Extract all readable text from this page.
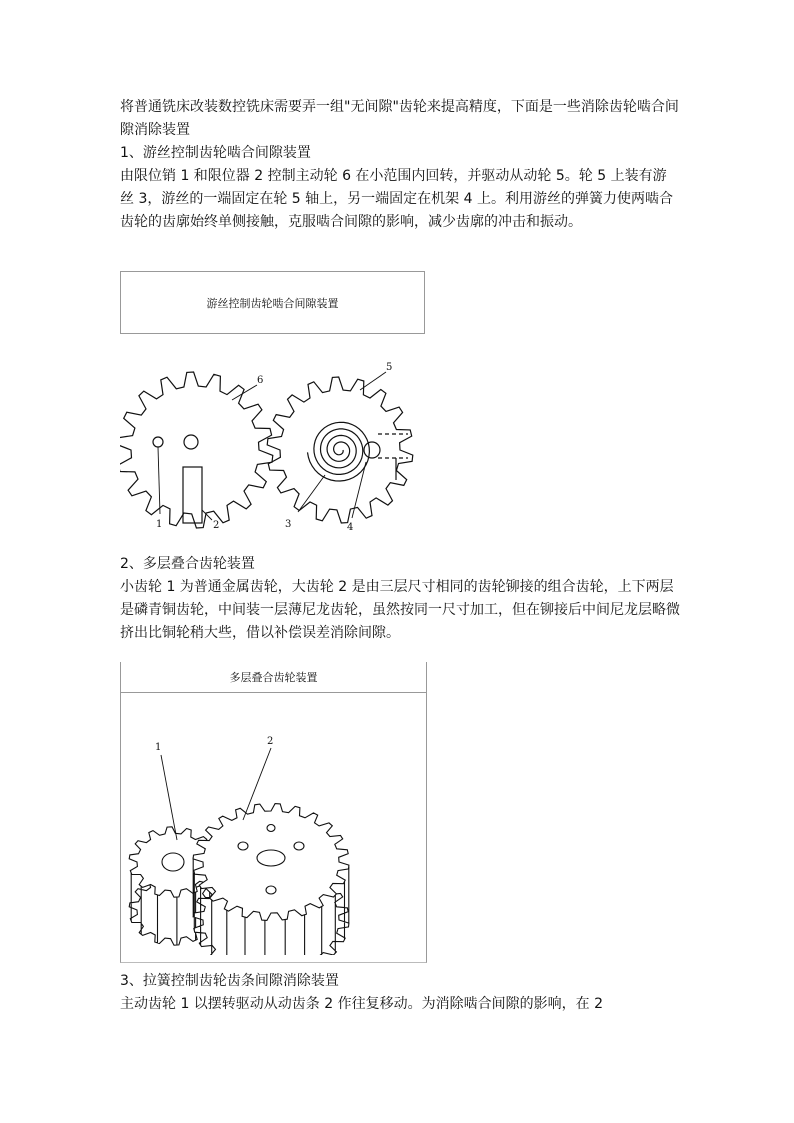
将普通铣床改装数控铣床需要弄一组"无间隙"齿轮来提高精度，下面是一些消除齿轮啮合间隙消除装置

1、游丝控制齿轮啮合间隙装置

由限位销 1 和限位器 2 控制主动轮 6 在小范围内回转，并驱动从动轮 5。轮 5 上装有游丝 3，游丝的一端固定在轮 5 轴上，另一端固定在机架 4 上。利用游丝的弹簧力使两啮合齿轮的齿廓始终单侧接触，克服啮合间隙的影响，减少齿廓的冲击和振动。

游丝控制齿轮啮合间隙装置
6
5
1	2	3	4

2、多层叠合齿轮装置

小齿轮 1 为普通金属齿轮，大齿轮 2 是由三层尺寸相同的齿轮铆接的组合齿轮，上下两层是磷青铜齿轮，中间装一层薄尼龙齿轮，虽然按同一尺寸加工，但在铆接后中间尼龙层略微挤出比铜轮稍大些，借以补偿误差消除间隙。

多层叠合齿轮装置
1
2

3、拉簧控制齿轮齿条间隙消除装置

主动齿轮 1 以摆转驱动从动齿条 2 作往复移动。为消除啮合间隙的影响，在 2
